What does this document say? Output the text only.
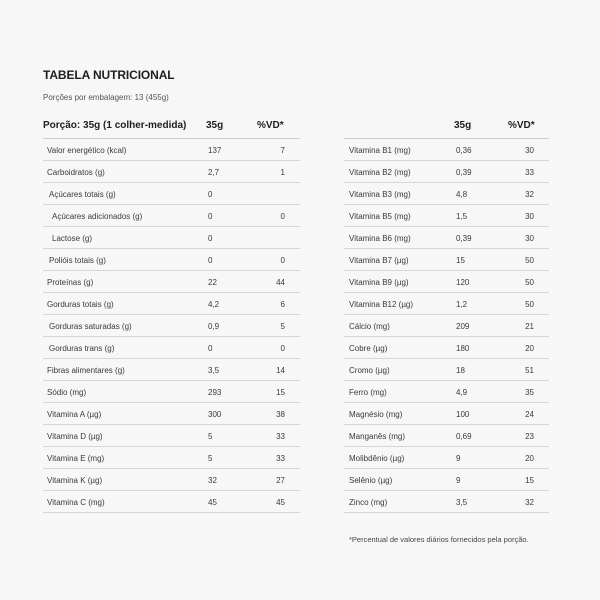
TABELA NUTRICIONAL
Porções por embalagem: 13 (455g)
Porção: 35g (1 colher-medida) 35g	%VD*
Valor energético (kcal)	137	7
Carboidratos (g)	2,7	1
Açúcares totais (g)	0
Açúcares adicionados (g)	0	0
Lactose (g)	0
Polióis totais (g)	0	0
Proteínas (g)	22	44
Gorduras totais (g)	4,2	6
Gorduras saturadas (g)	0,9	5
Gorduras trans (g)	0	0
Fibras alimentares (g)	3,5	14
Sódio (mg)	293	15
Vitamina A (µg)	300	38
Vitamina D (µg)	5	33
Vitamina E (mg)	5	33
Vitamina K (µg)	32	27
Vitamina C (mg)	45	45
35g	%VD*
Vitamina B1 (mg)	0,36	30
Vitamina B2 (mg)	0,39	33
Vitamina B3 (mg)	4,8	32
Vitamina B5 (mg)	1,5	30
Vitamina B6 (mg)	0,39	30
Vitamina B7 (µg)	15	50
Vitamina B9 (µg)	120	50
Vitamina B12 (µg)	1,2	50
Cálcio (mg)	209	21
Cobre (µg)	180	20
Cromo (µg)	18	51
Ferro (mg)	4,9	35
Magnésio (mg)	100	24
Manganês (mg)	0,69	23
Molibdênio (µg)	9	20
Selênio (µg)	9	15
Zinco (mg)	3,5	32
*Percentual de valores diários fornecidos pela porção.
